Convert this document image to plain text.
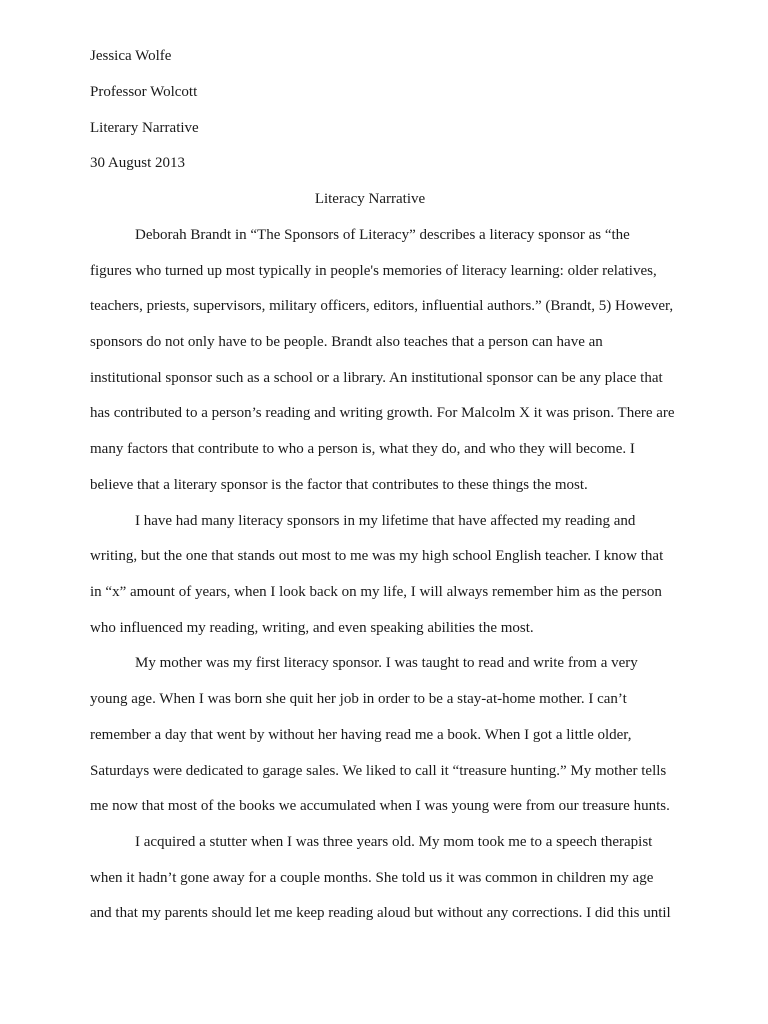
Jessica Wolfe
Professor Wolcott
Literary Narrative
30 August 2013
Literacy Narrative
Deborah Brandt in “The Sponsors of Literacy” describes a literacy sponsor as “the
figures who turned up most typically in people's memories of literacy learning: older relatives,
teachers, priests, supervisors, military officers, editors, influential authors.” (Brandt, 5) However,
sponsors do not only have to be people. Brandt also teaches that a person can have an
institutional sponsor such as a school or a library. An institutional sponsor can be any place that
has contributed to a person’s reading and writing growth. For Malcolm X it was prison. There are
many factors that contribute to who a person is, what they do, and who they will become. I
believe that a literary sponsor is the factor that contributes to these things the most.
I have had many literacy sponsors in my lifetime that have affected my reading and
writing, but the one that stands out most to me was my high school English teacher. I know that
in “x” amount of years, when I look back on my life, I will always remember him as the person
who influenced my reading, writing, and even speaking abilities the most.
My mother was my first literacy sponsor. I was taught to read and write from a very
young age. When I was born she quit her job in order to be a stay-at-home mother. I can’t
remember a day that went by without her having read me a book. When I got a little older,
Saturdays were dedicated to garage sales. We liked to call it “treasure hunting.” My mother tells
me now that most of the books we accumulated when I was young were from our treasure hunts.
I acquired a stutter when I was three years old. My mom took me to a speech therapist
when it hadn’t gone away for a couple months. She told us it was common in children my age
and that my parents should let me keep reading aloud but without any corrections. I did this until
